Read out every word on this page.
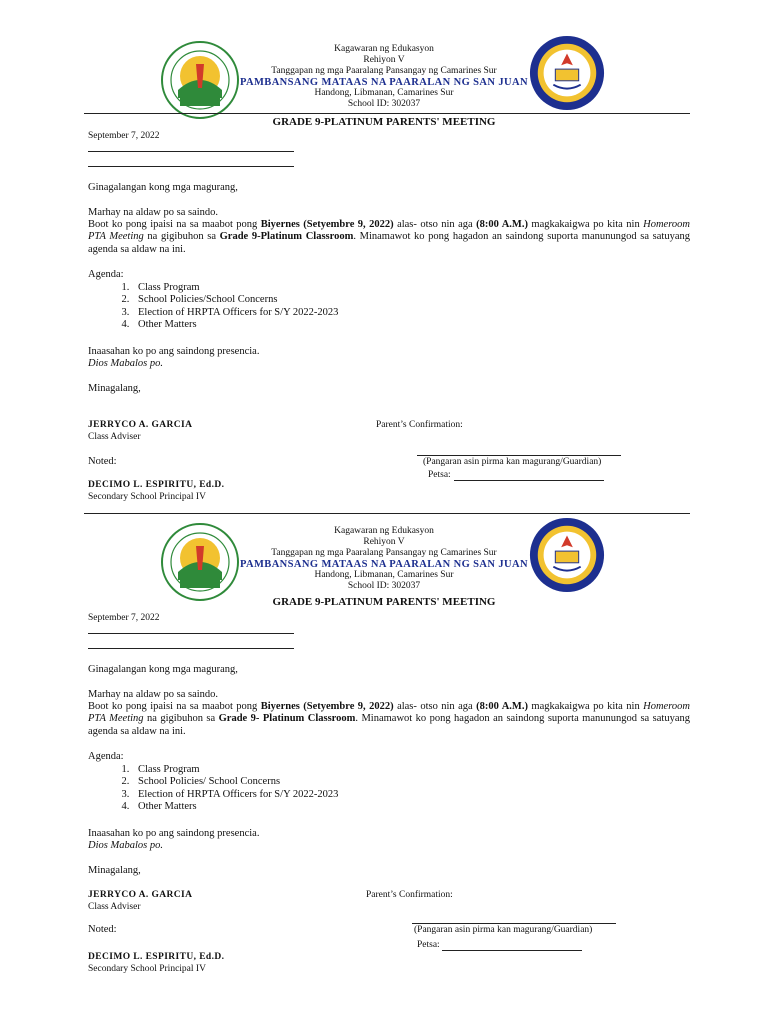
Kagawaran ng Edukasyon
Rehiyon V
Tanggapan ng mga Paaralang Pansangay ng Camarines Sur
PAMBANSANG MATAAS NA PAARALAN NG SAN JUAN
Handong, Libmanan, Camarines Sur
School ID: 302037
GRADE 9-PLATINUM PARENTS' MEETING
September 7, 2022
Ginagalangan kong mga magurang,
Marhay na aldaw po sa saindo.
Boot ko pong ipaisi na sa maabot pong Biyernes (Setyembre 9, 2022) alas- otso nin aga (8:00 A.M.) magkakaigwa po kita nin Homeroom PTA Meeting na gigibuhon sa Grade 9-Platinum Classroom. Minamawot ko pong hagadon an saindong suporta manunungod sa satuyang agenda sa aldaw na ini.
Agenda:
1. Class Program
2. School Policies/School Concerns
3. Election of HRPTA Officers for S/Y 2022-2023
4. Other Matters
Inaasahan ko po ang saindong presencia.
Dios Mabalos po.
Minagalang,
JERRYCO A. GARCIA
Class Adviser
Parent’s Confirmation:
Noted:	(Pangaran asin pirma kan magurang/Guardian)
Petsa:
DECIMO L. ESPIRITU, Ed.D.
Secondary School Principal IV
Kagawaran ng Edukasyon
Rehiyon V
Tanggapan ng mga Paaralang Pansangay ng Camarines Sur
PAMBANSANG MATAAS NA PAARALAN NG SAN JUAN
Handong, Libmanan, Camarines Sur
School ID: 302037
GRADE 9-PLATINUM PARENTS' MEETING
September 7, 2022
Ginagalangan kong mga magurang,
Marhay na aldaw po sa saindo.
Boot ko pong ipaisi na sa maabot pong Biyernes (Setyembre 9, 2022) alas- otso nin aga (8:00 A.M.) magkakaigwa po kita nin Homeroom PTA Meeting na gigibuhon sa Grade 9- Platinum Classroom. Minamawot ko pong hagadon an saindong suporta manunungod sa satuyang agenda sa aldaw na ini.
Agenda:
1. Class Program
2. School Policies/ School Concerns
3. Election of HRPTA Officers for S/Y 2022-2023
4. Other Matters
Inaasahan ko po ang saindong presencia.
Dios Mabalos po.
Minagalang,
JERRYCO A. GARCIA
Class Adviser
Parent’s Confirmation:
Noted:	(Pangaran asin pirma kan magurang/Guardian)
Petsa:
DECIMO L. ESPIRITU, Ed.D.
Secondary School Principal IV
